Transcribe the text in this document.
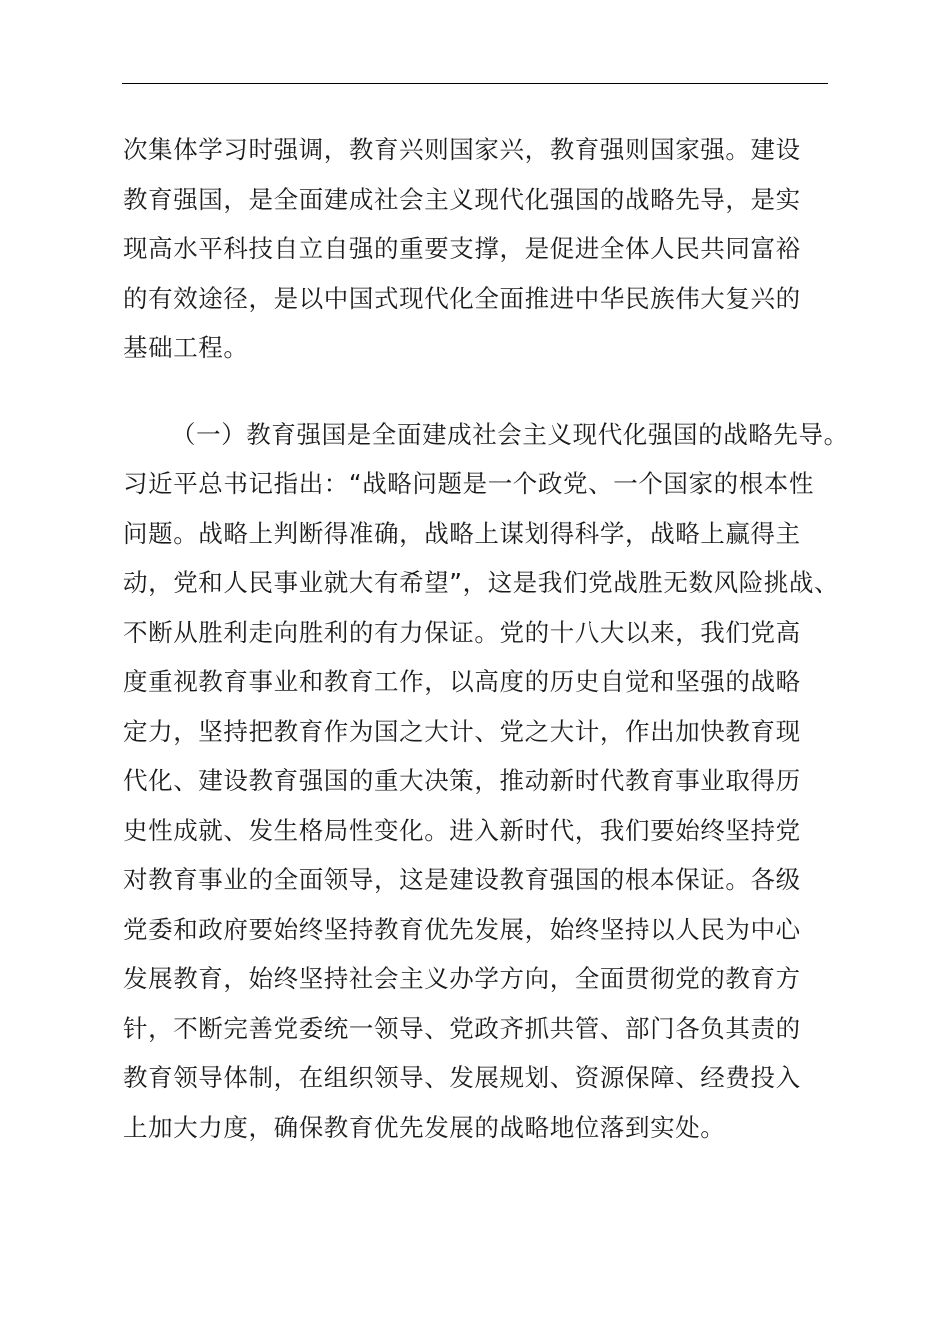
次集体学习时强调，教育兴则国家兴，教育强则国家强。建设
教育强国，是全面建成社会主义现代化强国的战略先导，是实
现高水平科技自立自强的重要支撑，是促进全体人民共同富裕
的有效途径，是以中国式现代化全面推进中华民族伟大复兴的
基础工程。
（一）教育强国是全面建成社会主义现代化强国的战略先导。
习近平总书记指出：“战略问题是一个政党、一个国家的根本性
问题。战略上判断得准确，战略上谋划得科学，战略上赢得主
动，党和人民事业就大有希望”，这是我们党战胜无数风险挑战、
不断从胜利走向胜利的有力保证。党的十八大以来，我们党高
度重视教育事业和教育工作，以高度的历史自觉和坚强的战略
定力，坚持把教育作为国之大计、党之大计，作出加快教育现
代化、建设教育强国的重大决策，推动新时代教育事业取得历
史性成就、发生格局性变化。进入新时代，我们要始终坚持党
对教育事业的全面领导，这是建设教育强国的根本保证。各级
党委和政府要始终坚持教育优先发展，始终坚持以人民为中心
发展教育，始终坚持社会主义办学方向，全面贯彻党的教育方
针，不断完善党委统一领导、党政齐抓共管、部门各负其责的
教育领导体制，在组织领导、发展规划、资源保障、经费投入
上加大力度，确保教育优先发展的战略地位落到实处。
